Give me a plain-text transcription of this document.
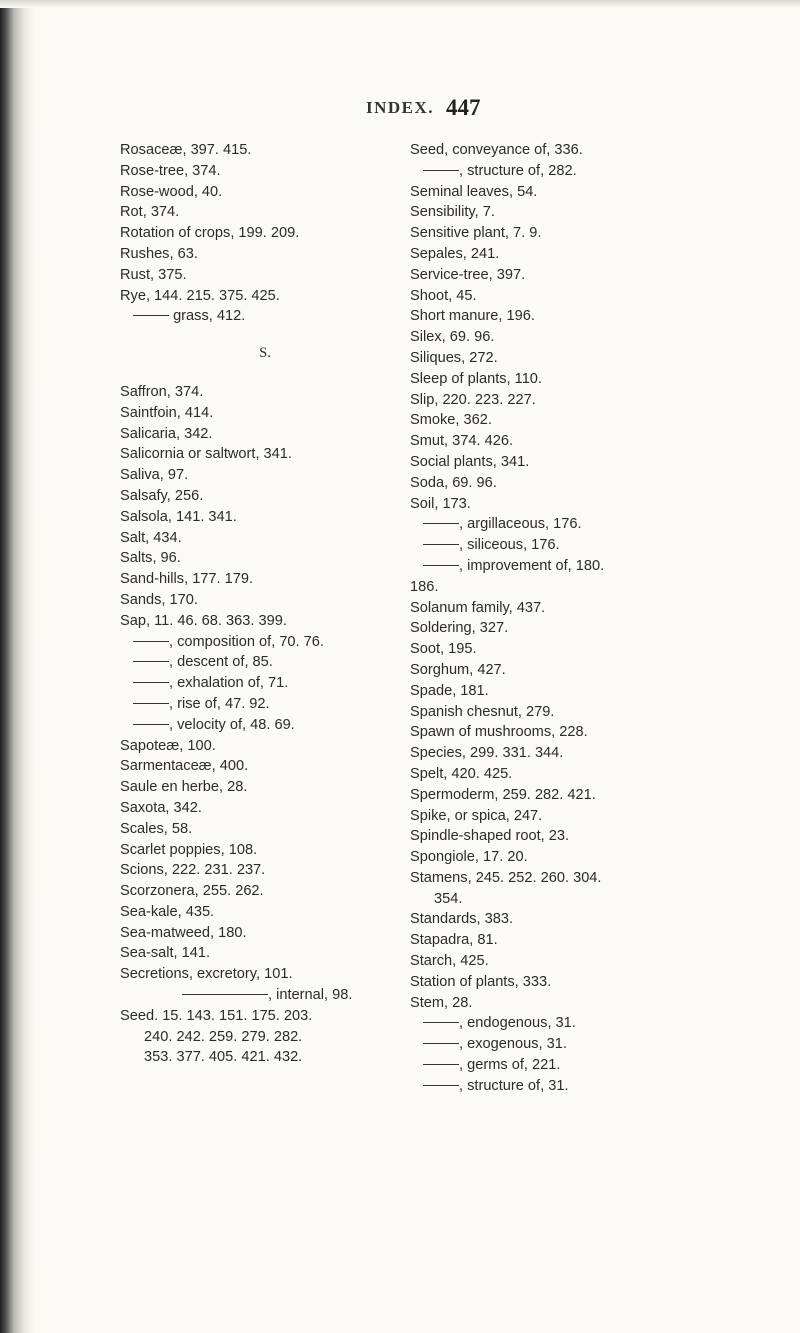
INDEX. 447
Rosaceæ, 397. 415.
Rose-tree, 374.
Rose-wood, 40.
Rot, 374.
Rotation of crops, 199. 209.
Rushes, 63.
Rust, 375.
Rye, 144. 215. 375. 425.
grass, 412.
S.
Saffron, 374.
Saintfoin, 414.
Salicaria, 342.
Salicornia or saltwort, 341.
Saliva, 97.
Salsafy, 256.
Salsola, 141. 341.
Salt, 434.
Salts, 96.
Sand-hills, 177. 179.
Sands, 170.
Sap, 11. 46. 68. 363. 399.
, composition of, 70. 76.
, descent of, 85.
, exhalation of, 71.
, rise of, 47. 92.
, velocity of, 48. 69.
Sapoteæ, 100.
Sarmentaceæ, 400.
Saule en herbe, 28.
Saxota, 342.
Scales, 58.
Scarlet poppies, 108.
Scions, 222. 231. 237.
Scorzonera, 255. 262.
Sea-kale, 435.
Sea-matweed, 180.
Sea-salt, 141.
Secretions, excretory, 101.
, internal, 98.
Seed. 15. 143. 151. 175. 203.
240. 242. 259. 279. 282.
353. 377. 405. 421. 432.
Seed, conveyance of, 336.
, structure of, 282.
Seminal leaves, 54.
Sensibility, 7.
Sensitive plant, 7. 9.
Sepales, 241.
Service-tree, 397.
Shoot, 45.
Short manure, 196.
Silex, 69. 96.
Siliques, 272.
Sleep of plants, 110.
Slip, 220. 223. 227.
Smoke, 362.
Smut, 374. 426.
Social plants, 341.
Soda, 69. 96.
Soil, 173.
, argillaceous, 176.
, siliceous, 176.
, improvement of, 180.
186.
Solanum family, 437.
Soldering, 327.
Soot, 195.
Sorghum, 427.
Spade, 181.
Spanish chesnut, 279.
Spawn of mushrooms, 228.
Species, 299. 331. 344.
Spelt, 420. 425.
Spermoderm, 259. 282. 421.
Spike, or spica, 247.
Spindle-shaped root, 23.
Spongiole, 17. 20.
Stamens, 245. 252. 260. 304.
354.
Standards, 383.
Stapadra, 81.
Starch, 425.
Station of plants, 333.
Stem, 28.
, endogenous, 31.
, exogenous, 31.
, germs of, 221.
, structure of, 31.
